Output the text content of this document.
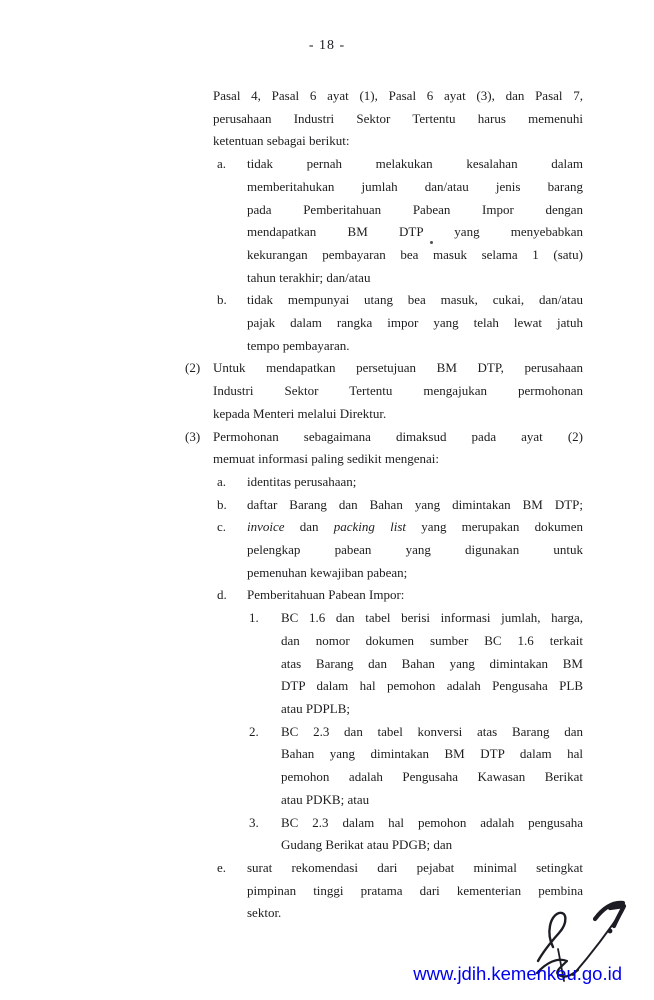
- 18 -
Pasal 4, Pasal 6 ayat (1), Pasal 6 ayat (3), dan Pasal 7,
perusahaan Industri Sektor Tertentu harus memenuhi
ketentuan sebagai berikut:
a.	tidak pernah melakukan kesalahan dalam
memberitahukan jumlah dan/atau jenis barang
pada Pemberitahuan Pabean Impor dengan
mendapatkan BM DTP yang menyebabkan
kekurangan pembayaran bea masuk selama 1 (satu)
tahun terakhir; dan/atau
b.	tidak mempunyai utang bea masuk, cukai, dan/atau
pajak dalam rangka impor yang telah lewat jatuh
tempo pembayaran.
(2) Untuk mendapatkan persetujuan BM DTP, perusahaan
Industri Sektor Tertentu mengajukan permohonan
kepada Menteri melalui Direktur.
(3) Permohonan sebagaimana dimaksud pada ayat (2)
memuat informasi paling sedikit mengenai:
a.	identitas perusahaan;
b.	daftar Barang dan Bahan yang dimintakan BM DTP;
c.	invoice dan packing list yang merupakan dokumen
pelengkap pabean yang digunakan untuk
pemenuhan kewajiban pabean;
d.	Pemberitahuan Pabean Impor:
1.	BC 1.6 dan tabel berisi informasi jumlah, harga,
dan nomor dokumen sumber BC 1.6 terkait
atas Barang dan Bahan yang dimintakan BM
DTP dalam hal pemohon adalah Pengusaha PLB
atau PDPLB;
2.	BC 2.3 dan tabel konversi atas Barang dan
Bahan yang dimintakan BM DTP dalam hal
pemohon adalah Pengusaha Kawasan Berikat
atau PDKB; atau
3.	BC 2.3 dalam hal pemohon adalah pengusaha
Gudang Berikat atau PDGB; dan
e.	surat rekomendasi dari pejabat minimal setingkat
pimpinan tinggi pratama dari kementerian pembina
sektor.
www.jdih.kemenkeu.go.id
